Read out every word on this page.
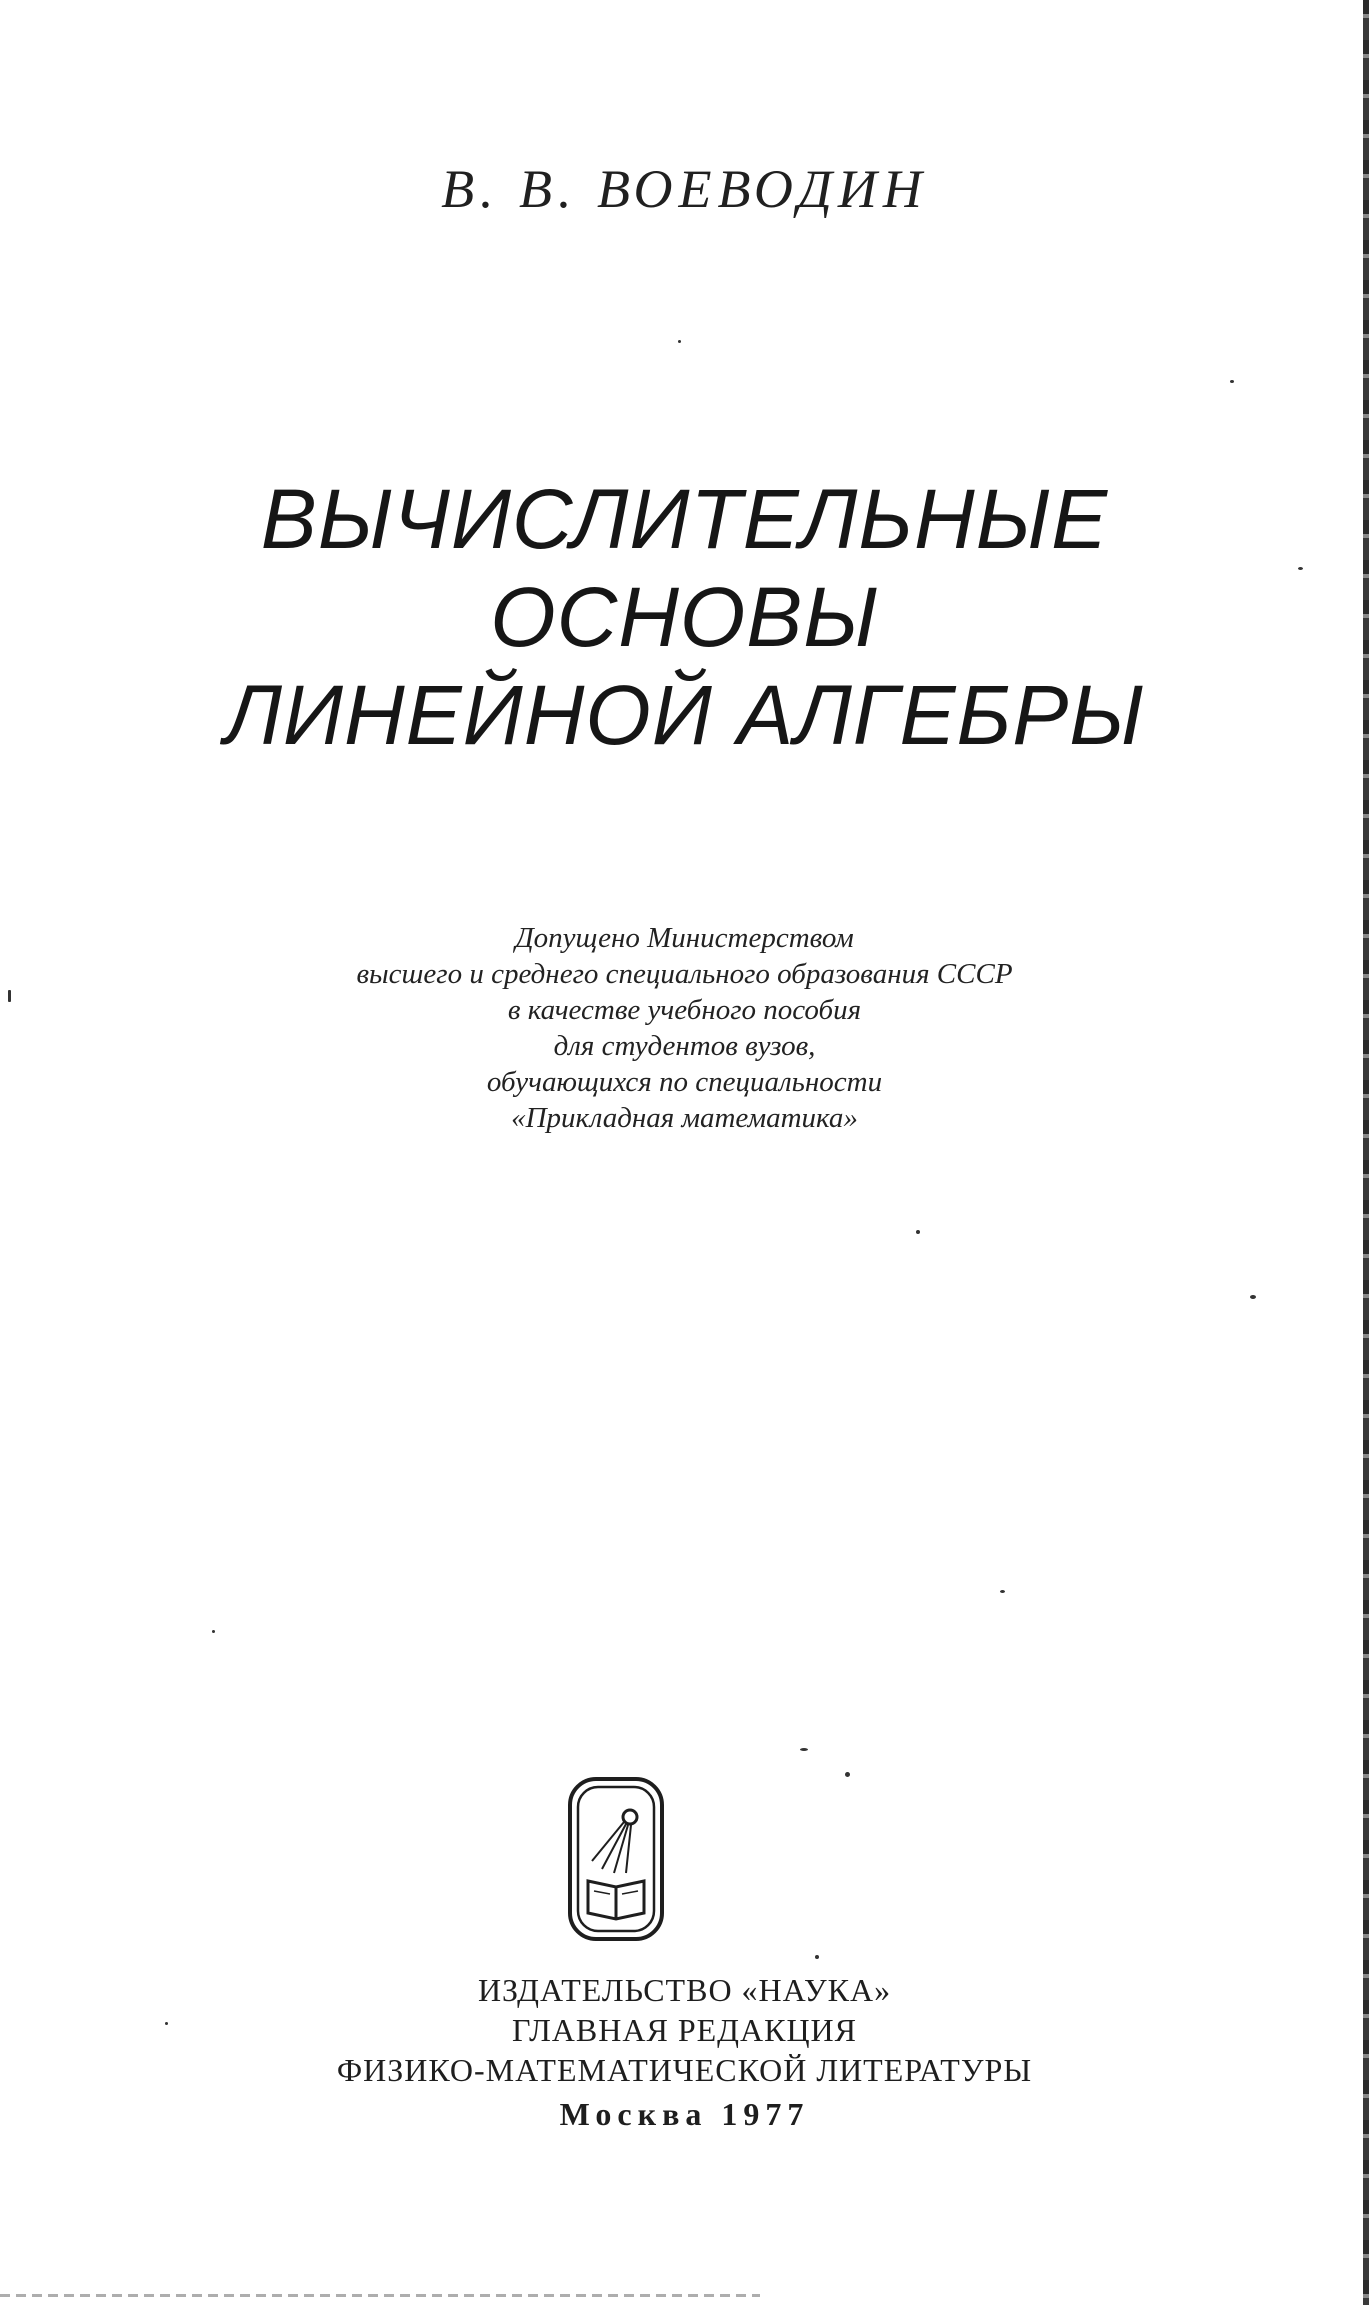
В. В. ВОЕВОДИН
ВЫЧИСЛИТЕЛЬНЫЕ
ОСНОВЫ
ЛИНЕЙНОЙ АЛГЕБРЫ
Допущено Министерством
высшего и среднего специального образования СССР
в качестве учебного пособия
для студентов вузов,
обучающихся по специальности
«Прикладная математика»
ИЗДАТЕЛЬСТВО «НАУКА»
ГЛАВНАЯ РЕДАКЦИЯ
ФИЗИКО-МАТЕМАТИЧЕСКОЙ ЛИТЕРАТУРЫ
Москва 1977
